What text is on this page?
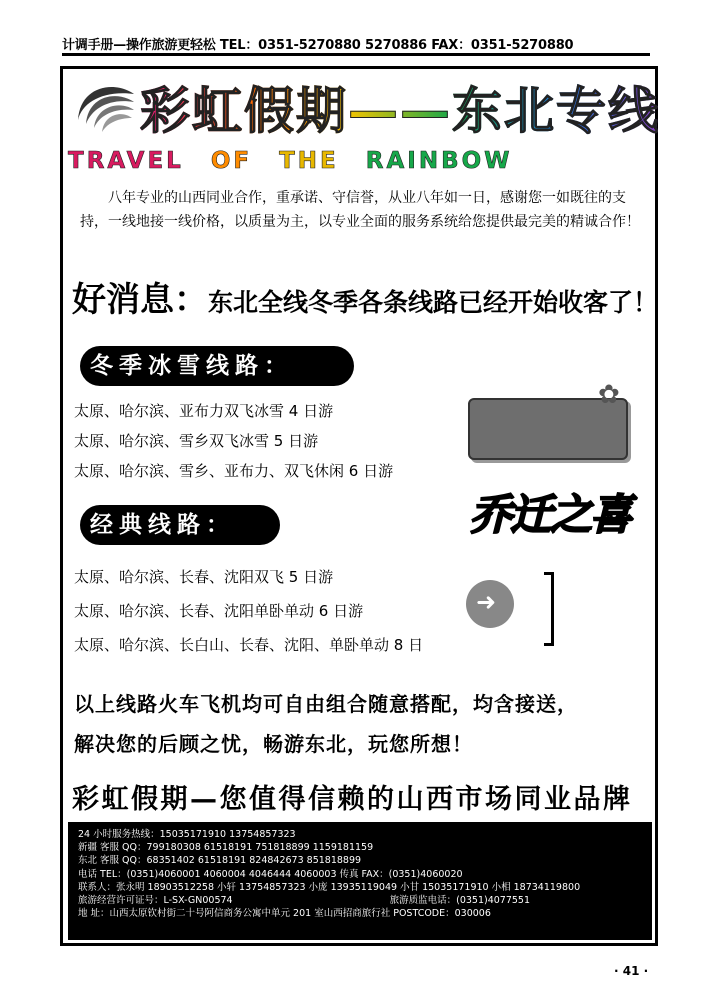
计调手册—操作旅游更轻松 TEL：0351-5270880 5270886 FAX：0351-5270880
彩虹假期——东北专线
TRAVEL OF THE RAINBOW

八年专业的山西同业合作，重承诺、守信誉，从业八年如一日，感谢您一如既往的支持，一线地接一线价格，以质量为主，以专业全面的服务系统给您提供最完美的精诚合作！

好消息：东北全线冬季各条线路已经开始收客了！
冬季冰雪线路：
太原、哈尔滨、亚布力双飞冰雪 4 日游
太原、哈尔滨、雪乡双飞冰雪 5 日游
太原、哈尔滨、雪乡、亚布力、双飞休闲 6 日游
✿
乔迁之喜
经典线路：
太原、哈尔滨、长春、沈阳双飞 5 日游
太原、哈尔滨、长春、沈阳单卧单动 6 日游
太原、哈尔滨、长白山、长春、沈阳、单卧单动 8 日
➜
以上线路火车飞机均可自由组合随意搭配，均含接送，
解决您的后顾之忧，畅游东北，玩您所想！
彩虹假期—您值得信赖的山西市场同业品牌
24 小时服务热线：15035171910 13754857323
新疆 客服 QQ：799180308 61518191 751818899 1159181159
东北 客服 QQ：68351402 61518191 824842673 851818899
电话 TEL：(0351)4060001 4060004 4046444 4060003 传真 FAX：(0351)4060020
联系人：张永明 18903512258 小轩 13754857323 小庞 13935119049 小甘 15035171910 小相 18734119800
旅游经营许可证号：L-SX-GN00574                                                    旅游质监电话：(0351)4077551
地 址：山西太原钦村街二十号阿信商务公寓中单元 201 室山西招商旅行社 POSTCODE：030006
· 41 ·
